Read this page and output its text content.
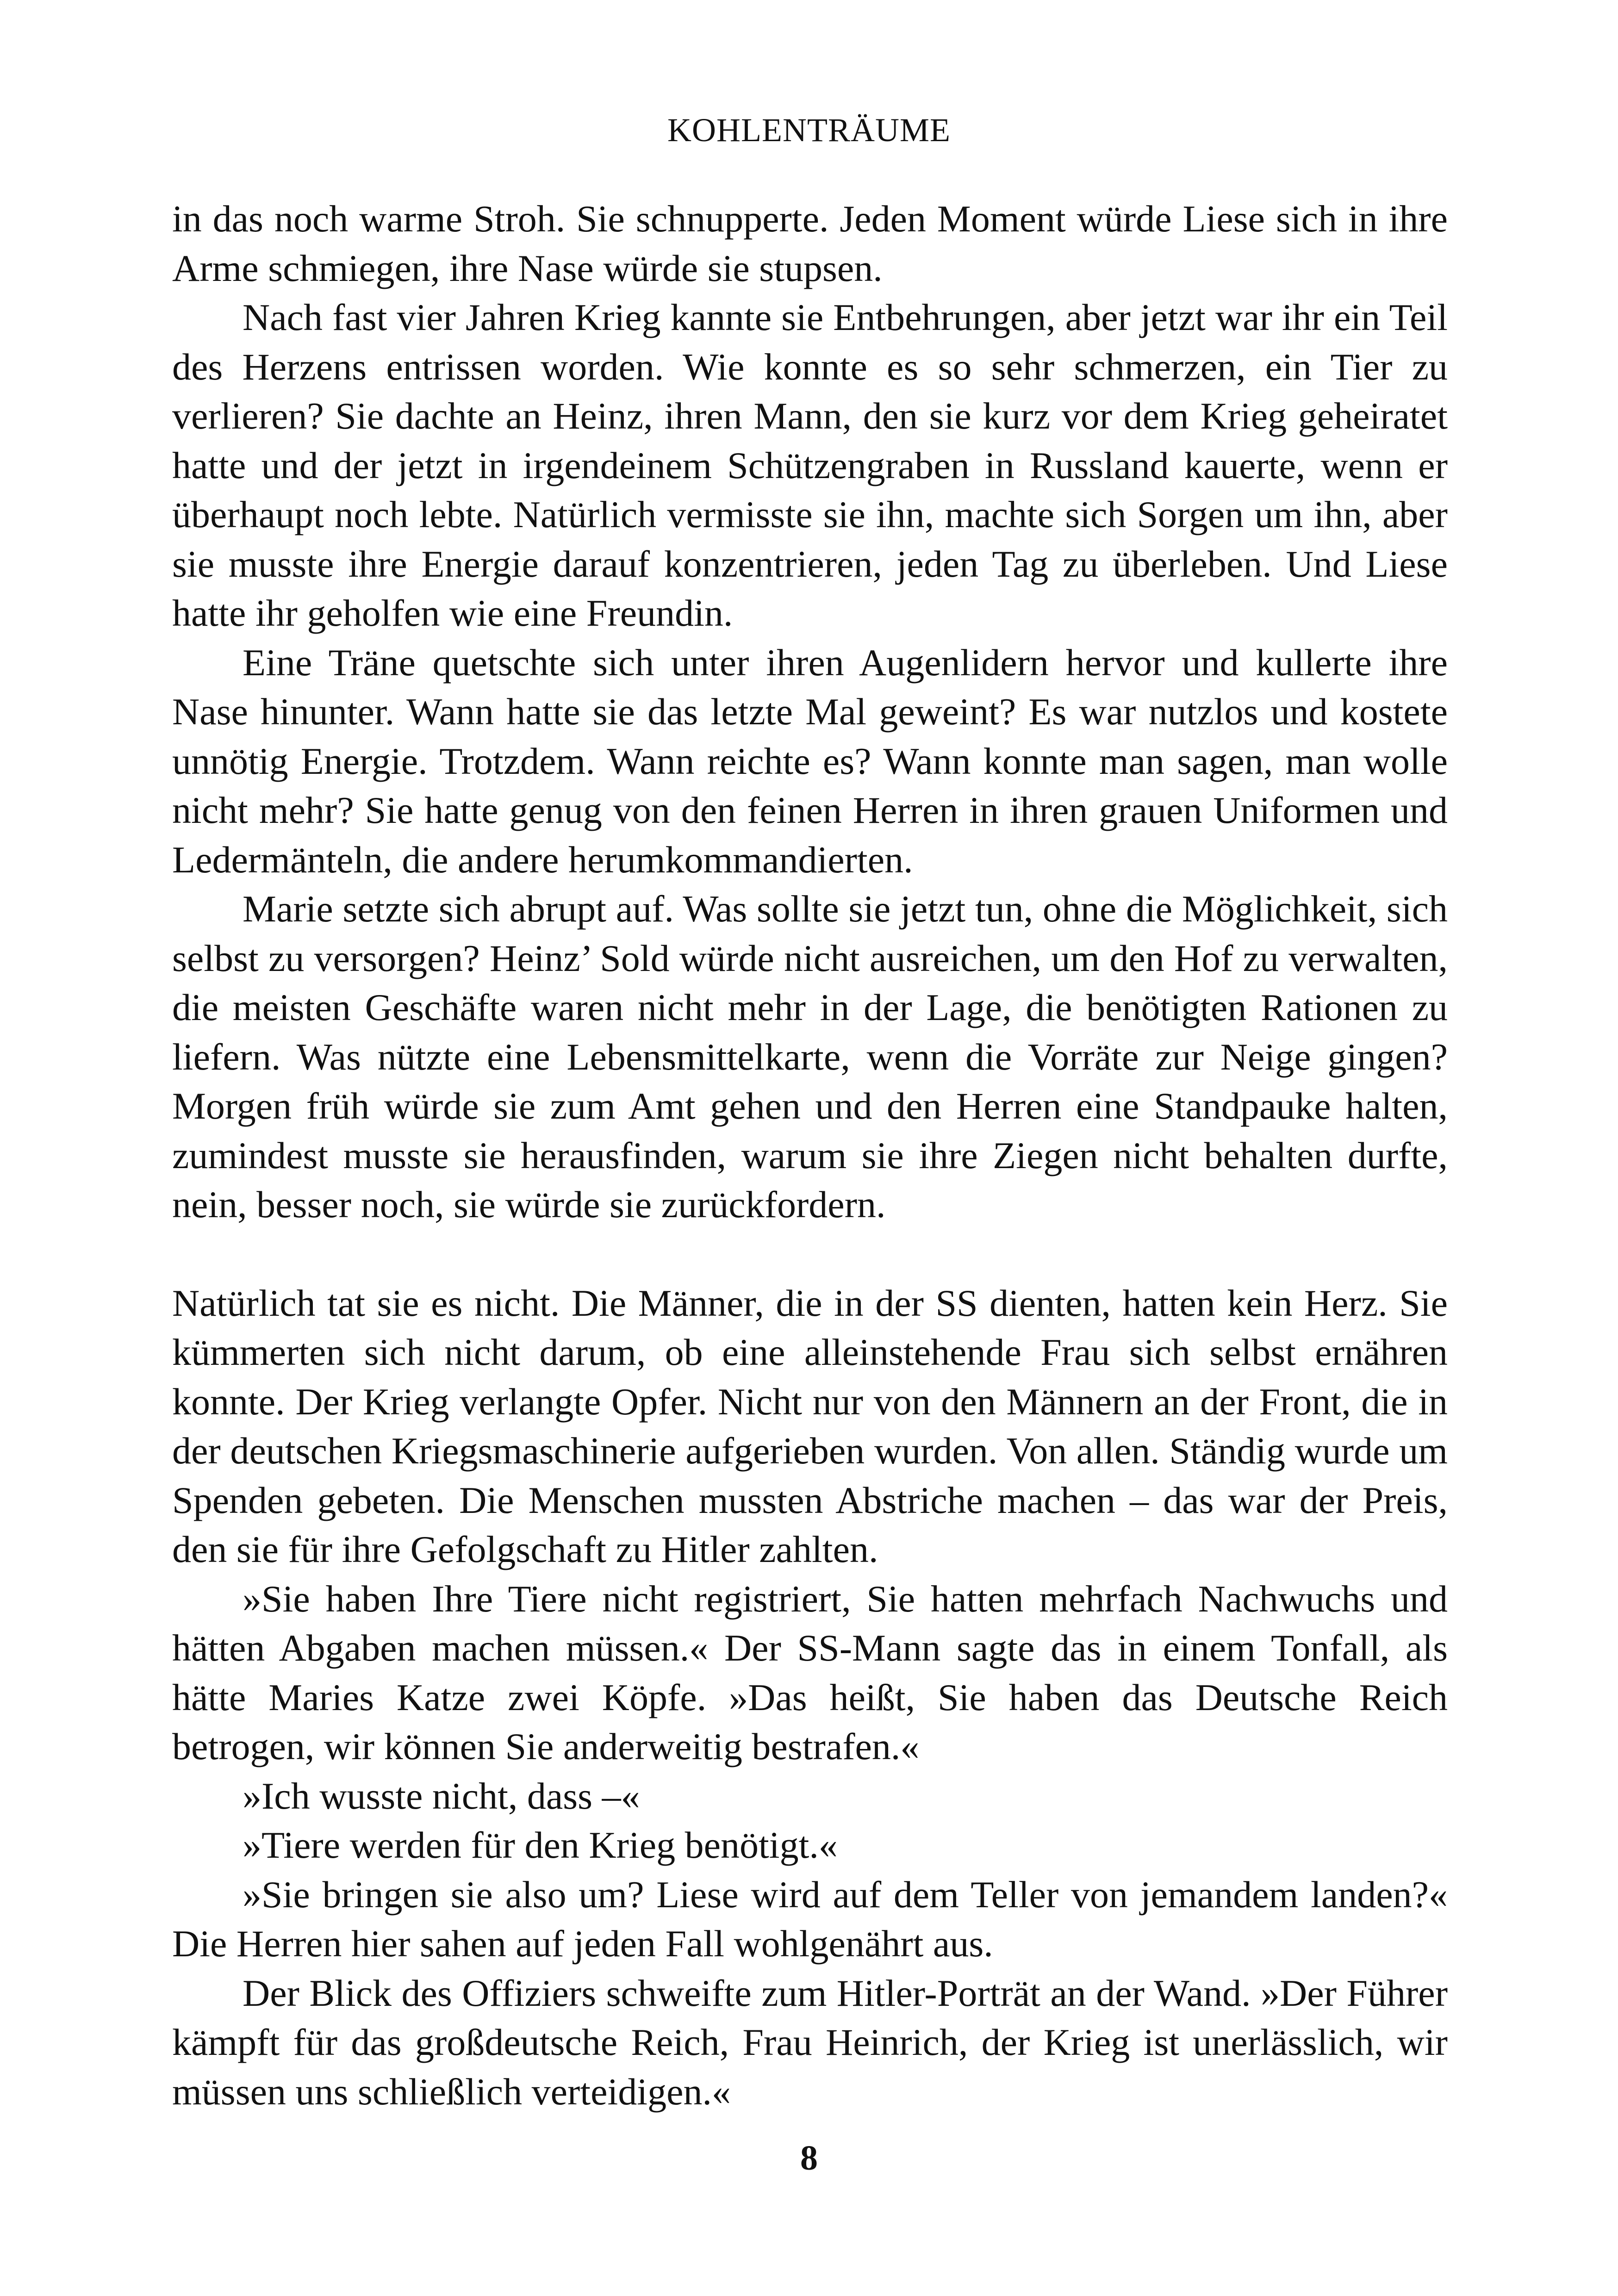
KOHLENTRÄUME

in das noch warme Stroh. Sie schnupperte. Jeden Moment würde Liese sich in ihre Arme schmiegen, ihre Nase würde sie stupsen.

Nach fast vier Jahren Krieg kannte sie Entbehrungen, aber jetzt war ihr ein Teil des Herzens entrissen worden. Wie konnte es so sehr schmerzen, ein Tier zu verlieren? Sie dachte an Heinz, ihren Mann, den sie kurz vor dem Krieg geheiratet hatte und der jetzt in irgendeinem Schützengraben in Russland kauerte, wenn er überhaupt noch lebte. Natürlich vermisste sie ihn, machte sich Sorgen um ihn, aber sie musste ihre Energie darauf konzentrieren, jeden Tag zu überleben. Und Liese hatte ihr geholfen wie eine Freundin.

Eine Träne quetschte sich unter ihren Augenlidern hervor und kullerte ihre Nase hinunter. Wann hatte sie das letzte Mal geweint? Es war nutzlos und kostete unnötig Energie. Trotzdem. Wann reichte es? Wann konnte man sagen, man wolle nicht mehr? Sie hatte genug von den feinen Herren in ihren grauen Uniformen und Ledermänteln, die andere herumkommandierten.

Marie setzte sich abrupt auf. Was sollte sie jetzt tun, ohne die Möglichkeit, sich selbst zu versorgen? Heinz’ Sold würde nicht ausreichen, um den Hof zu verwalten, die meisten Geschäfte waren nicht mehr in der Lage, die benötigten Rationen zu liefern. Was nützte eine Lebensmittelkarte, wenn die Vorräte zur Neige gingen? Morgen früh würde sie zum Amt gehen und den Herren eine Standpauke halten, zumindest musste sie herausfinden, warum sie ihre Ziegen nicht behalten durfte, nein, besser noch, sie würde sie zurückfordern.

Natürlich tat sie es nicht. Die Männer, die in der SS dienten, hatten kein Herz. Sie kümmerten sich nicht darum, ob eine alleinstehende Frau sich selbst ernähren konnte. Der Krieg verlangte Opfer. Nicht nur von den Männern an der Front, die in der deutschen Kriegsmaschinerie aufgerieben wurden. Von allen. Ständig wurde um Spenden gebeten. Die Menschen mussten Abstriche machen – das war der Preis, den sie für ihre Gefolgschaft zu Hitler zahlten.

»Sie haben Ihre Tiere nicht registriert, Sie hatten mehrfach Nachwuchs und hätten Abgaben machen müssen.« Der SS-Mann sagte das in einem Tonfall, als hätte Maries Katze zwei Köpfe. »Das heißt, Sie haben das Deutsche Reich betrogen, wir können Sie anderweitig bestrafen.«

»Ich wusste nicht, dass –«

»Tiere werden für den Krieg benötigt.«

»Sie bringen sie also um? Liese wird auf dem Teller von jemandem landen?« Die Herren hier sahen auf jeden Fall wohlgenährt aus.

Der Blick des Offiziers schweifte zum Hitler-Porträt an der Wand. »Der Führer kämpft für das großdeutsche Reich, Frau Heinrich, der Krieg ist unerlässlich, wir müssen uns schließlich verteidigen.«

8
